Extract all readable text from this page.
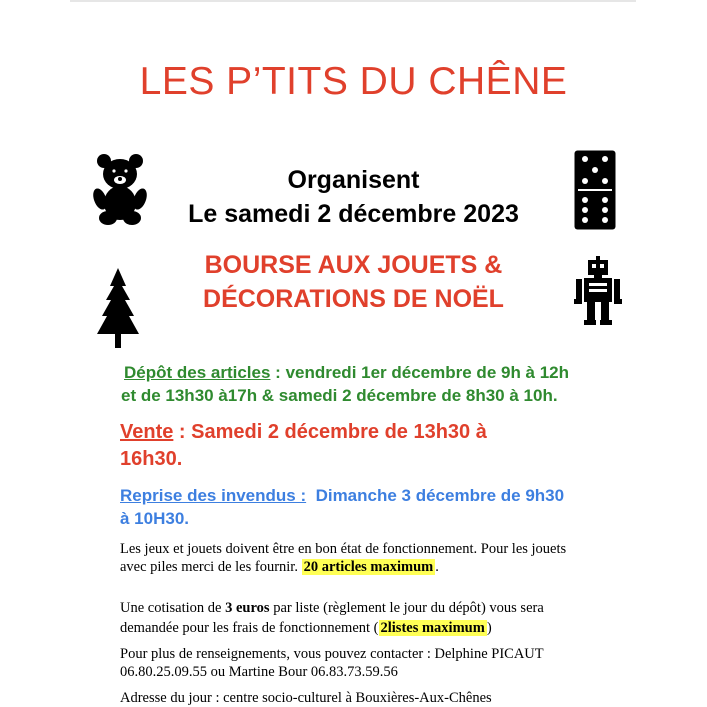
LES P’TITS DU CHÊNE
Organisent
Le samedi 2 décembre 2023
BOURSE AUX JOUETS &
DÉCORATIONS DE NOËL
Dépôt des articles : vendredi 1er décembre de 9h à 12h
et de 13h30 à17h & samedi 2 décembre de 8h30 à 10h.
Vente : Samedi 2 décembre de 13h30 à
16h30.
Reprise des invendus :  Dimanche 3 décembre de 9h30
à 10H30.
Les jeux et jouets doivent être en bon état de fonctionnement. Pour les jouets
avec piles merci de les fournir. 20 articles maximum .
Une cotisation de 3 euros par liste (règlement le jour du dépôt) vous sera
demandée pour les frais de fonctionnement ( 2listes maximum )
Pour plus de renseignements, vous pouvez contacter : Delphine PICAUT
06.80.25.09.55 ou Martine Bour 06.83.73.59.56
Adresse du jour : centre socio-culturel à Bouxières-Aux-Chênes
